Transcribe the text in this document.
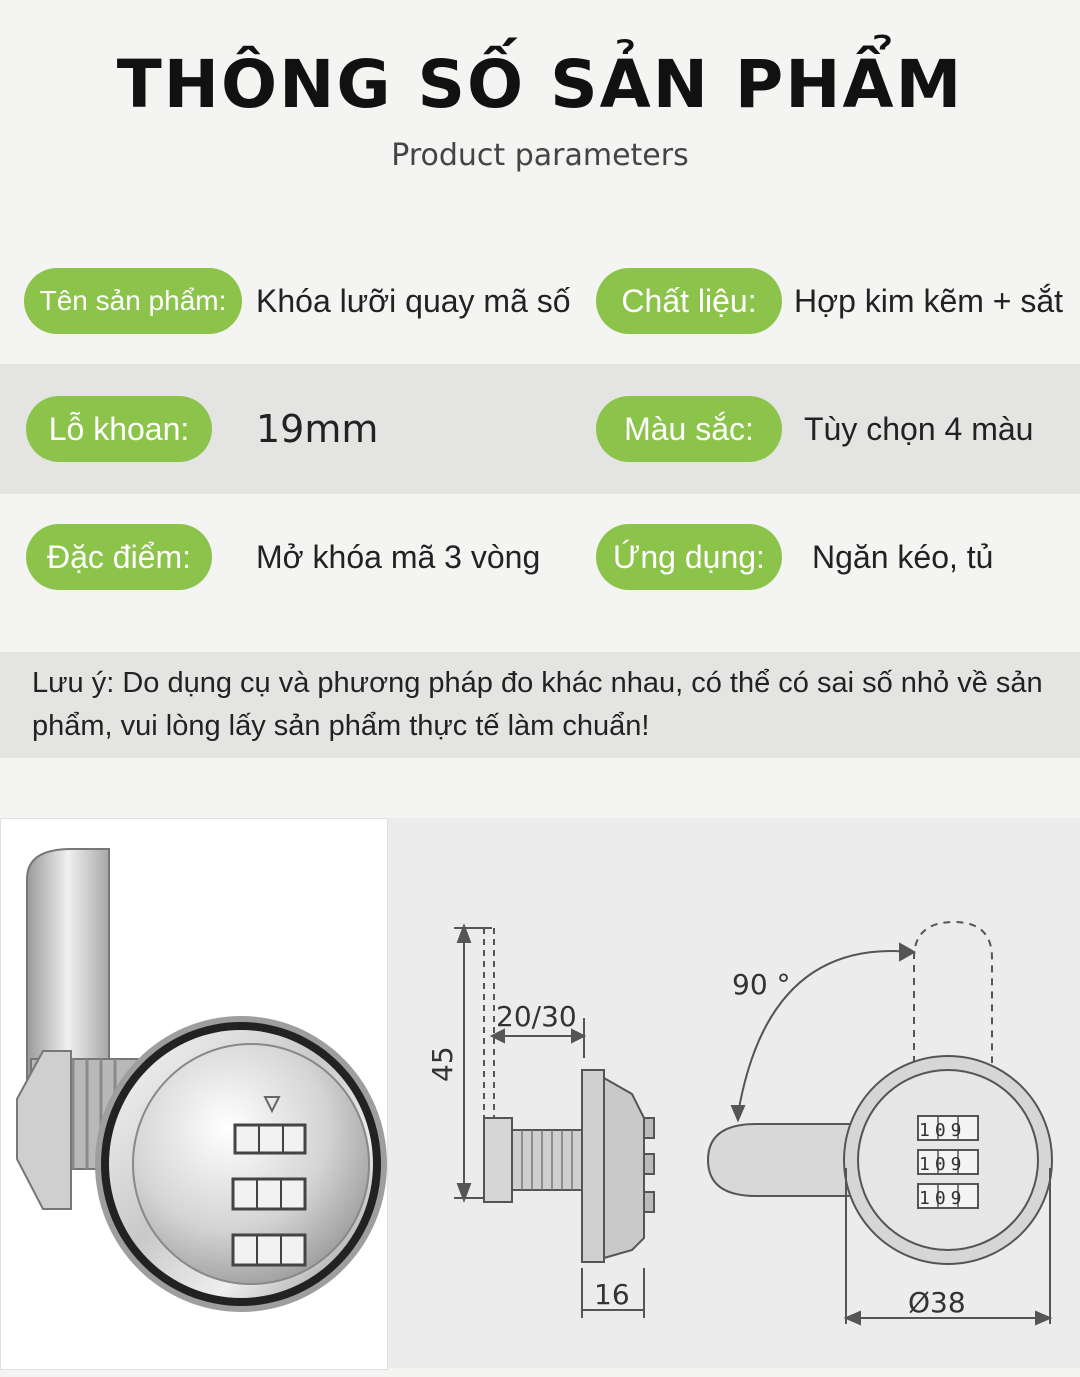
THÔNG SỐ SẢN PHẨM
Product parameters
Tên sản phẩm: Khóa lưỡi quay mã số	Chất liệu:	Hợp kim kẽm + sắt
Lỗ khoan:	19mm	Màu sắc:	Tùy chọn 4 màu
Đặc điểm:	Mở khóa mã 3 vòng	Ứng dụng:	Ngăn kéo, tủ
Lưu ý: Do dụng cụ và phương pháp đo khác nhau, có thể có sai số nhỏ về sản phẩm, vui lòng lấy sản phẩm thực tế làm chuẩn!
45
20/30
16
90 °
Ø38
109
109
109
